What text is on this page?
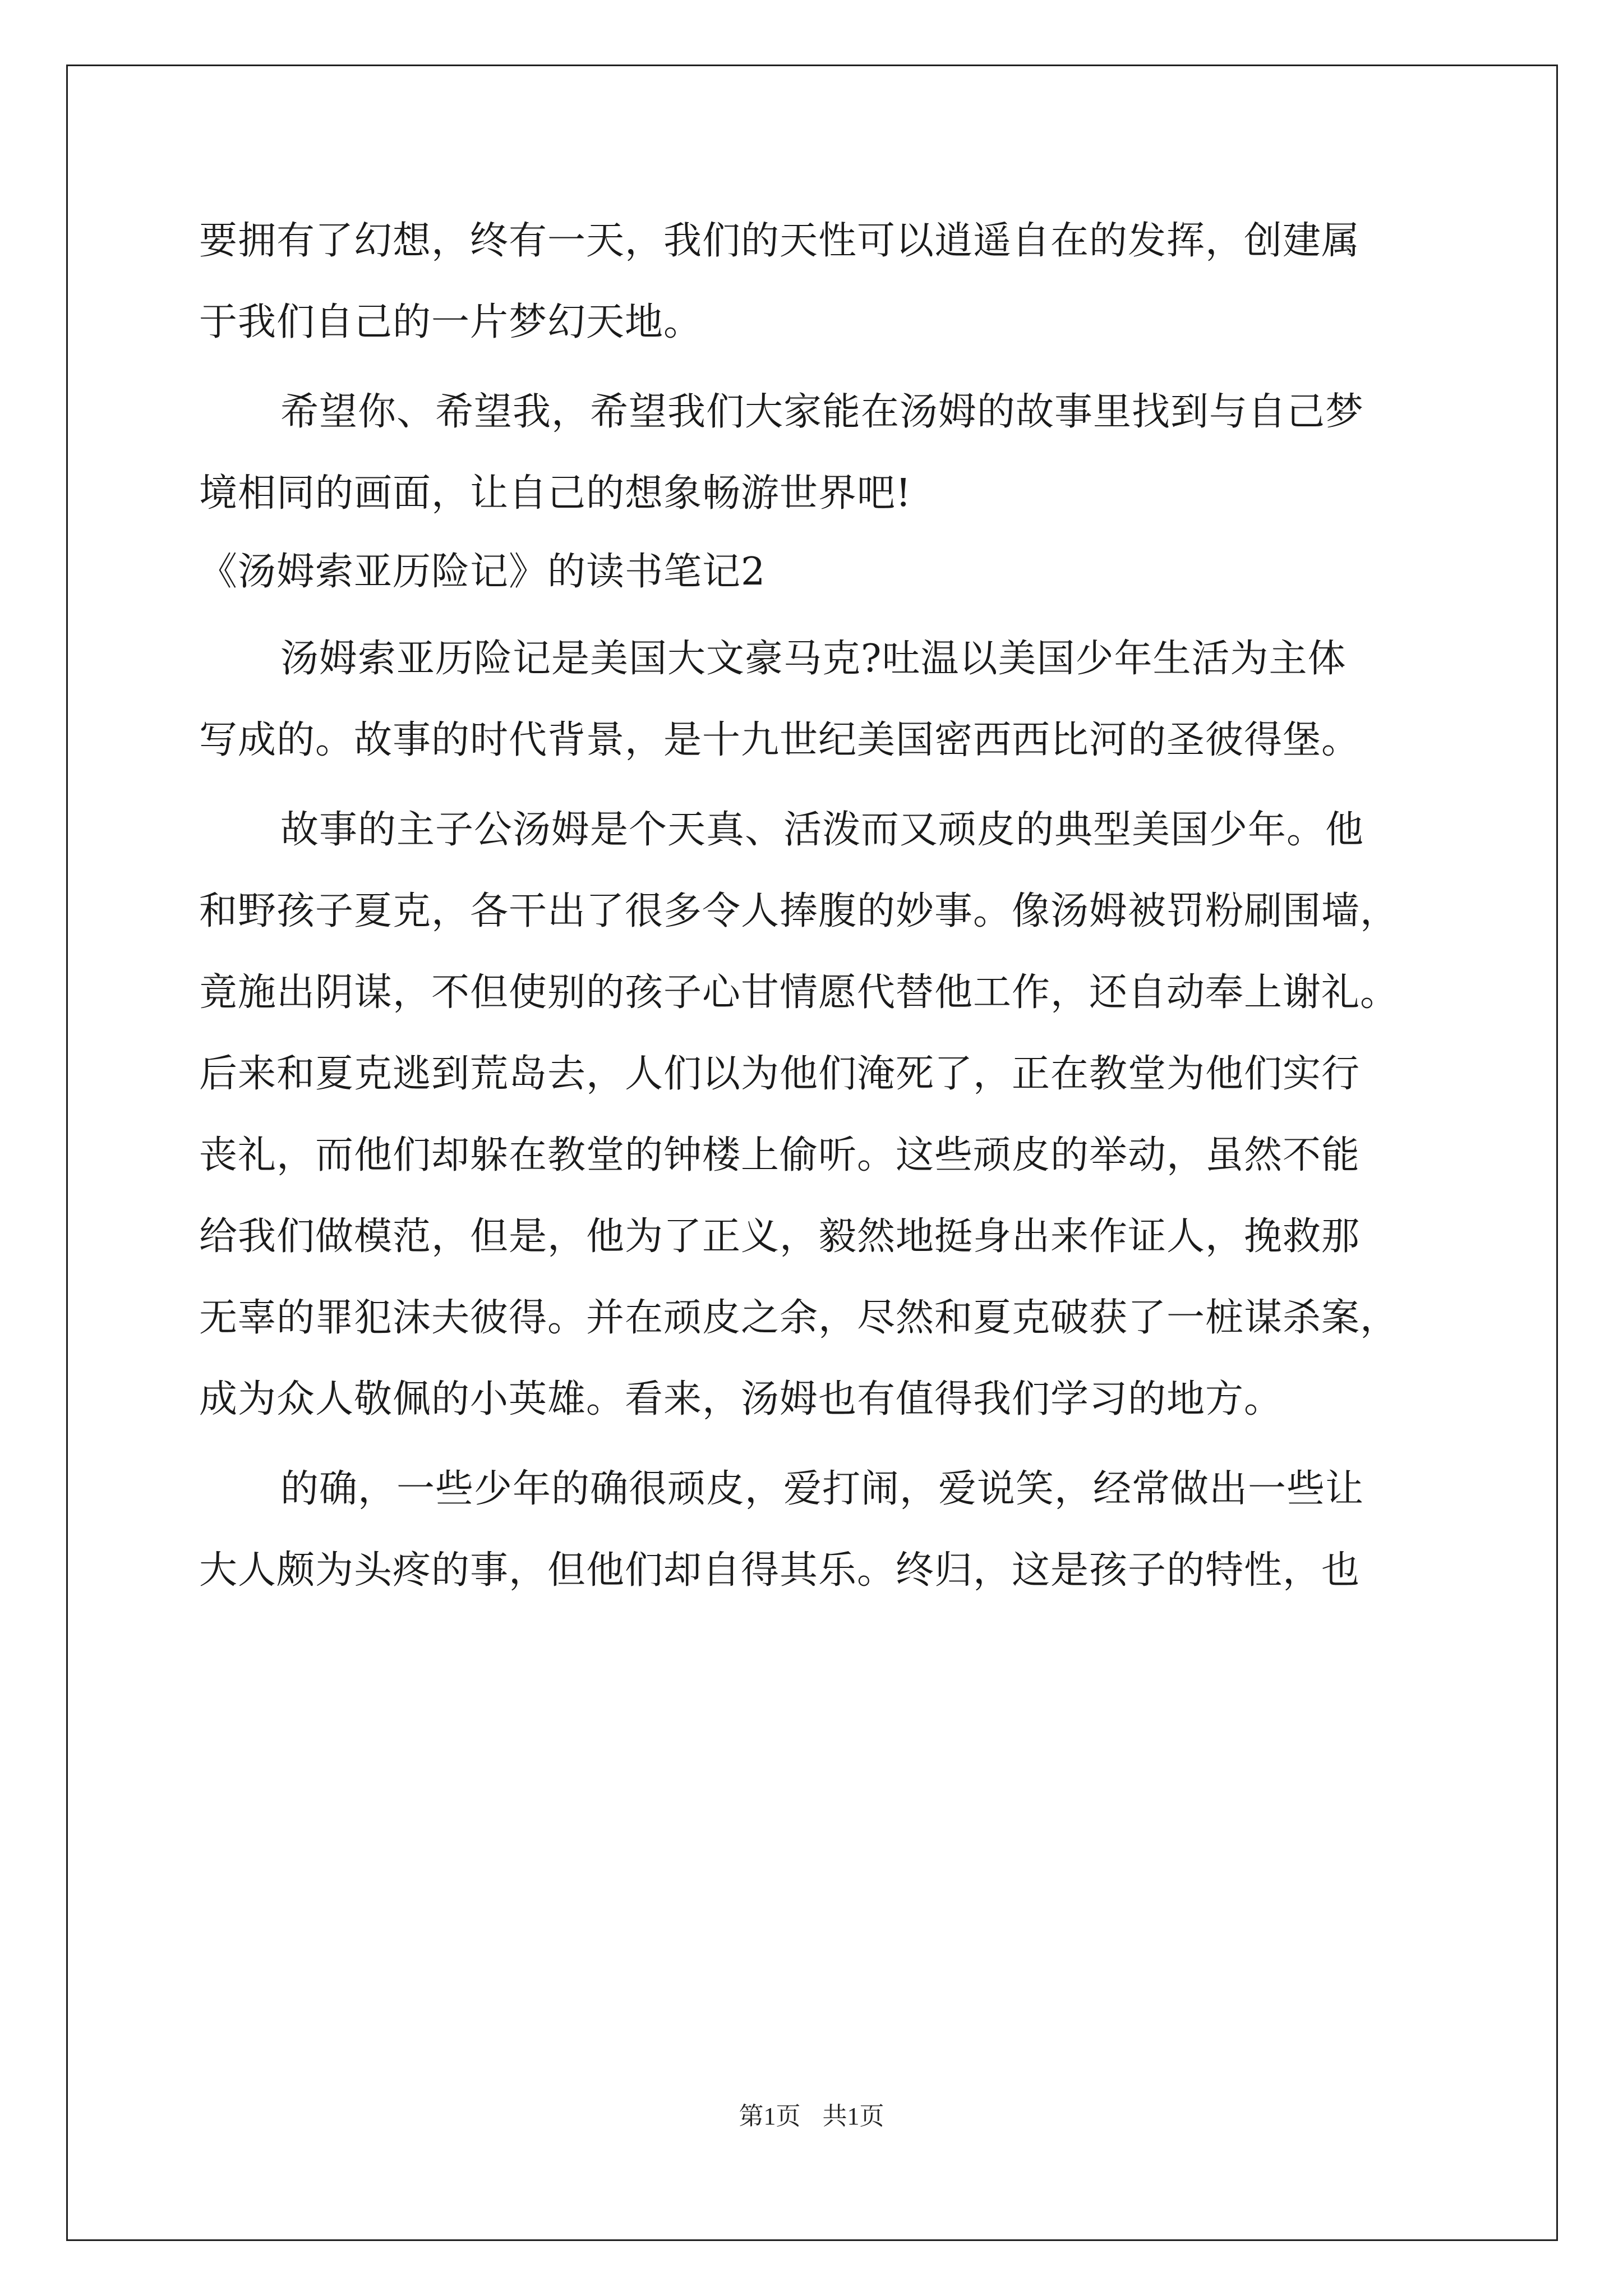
要拥有了幻想，终有一天，我们的天性可以逍遥自在的发挥，创建属
于我们自己的一片梦幻天地。
希望你、希望我，希望我们大家能在汤姆的故事里找到与自己梦
境相同的画面，让自己的想象畅游世界吧!
《汤姆索亚历险记》的读书笔记2
汤姆索亚历险记是美国大文豪马克?吐温以美国少年生活为主体
写成的。故事的时代背景，是十九世纪美国密西西比河的圣彼得堡。
故事的主子公汤姆是个天真、活泼而又顽皮的典型美国少年。他
和野孩子夏克，各干出了很多令人捧腹的妙事。像汤姆被罚粉刷围墙，
竟施出阴谋，不但使别的孩子心甘情愿代替他工作，还自动奉上谢礼。
后来和夏克逃到荒岛去，人们以为他们淹死了，正在教堂为他们实行
丧礼，而他们却躲在教堂的钟楼上偷听。这些顽皮的举动，虽然不能
给我们做模范，但是，他为了正义，毅然地挺身出来作证人，挽救那
无辜的罪犯沫夫彼得。并在顽皮之余，尽然和夏克破获了一桩谋杀案，
成为众人敬佩的小英雄。看来，汤姆也有值得我们学习的地方。
的确，一些少年的确很顽皮，爱打闹，爱说笑，经常做出一些让
大人颇为头疼的事，但他们却自得其乐。终归，这是孩子的特性，也
第1页 共1页
